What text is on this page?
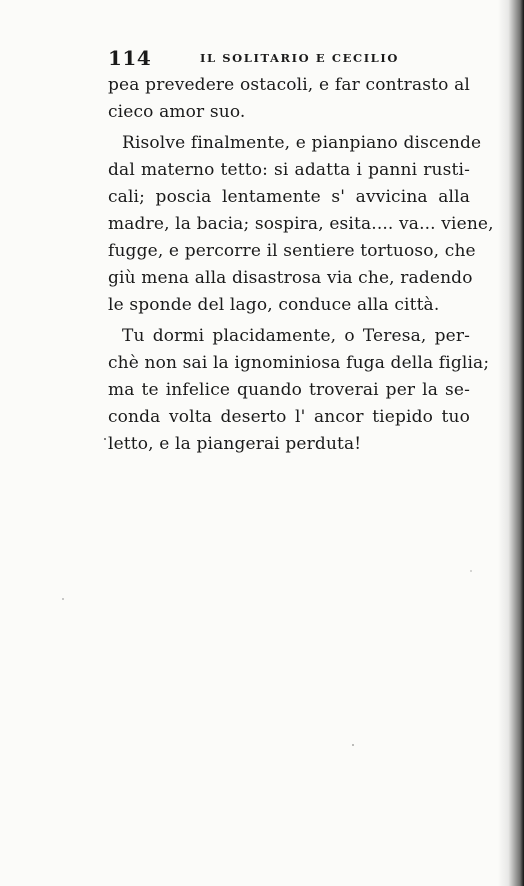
114	IL SOLITARIO E CECILIO
pea prevedere ostacoli, e far contrasto al
cieco amor suo.
Risolve finalmente, e pianpiano discende
dal materno tetto: si adatta i panni rusti-
cali; poscia lentamente s' avvicina alla
madre, la bacia; sospira, esita.... va... viene,
fugge, e percorre il sentiere tortuoso, che
giù mena alla disastrosa via che, radendo
le sponde del lago, conduce alla città.
Tu dormi placidamente, o Teresa, per-
chè non sai la ignominiosa fuga della figlia;
ma te infelice quando troverai per la se-
conda volta deserto l' ancor tiepido tuo
letto, e la piangerai perduta!
